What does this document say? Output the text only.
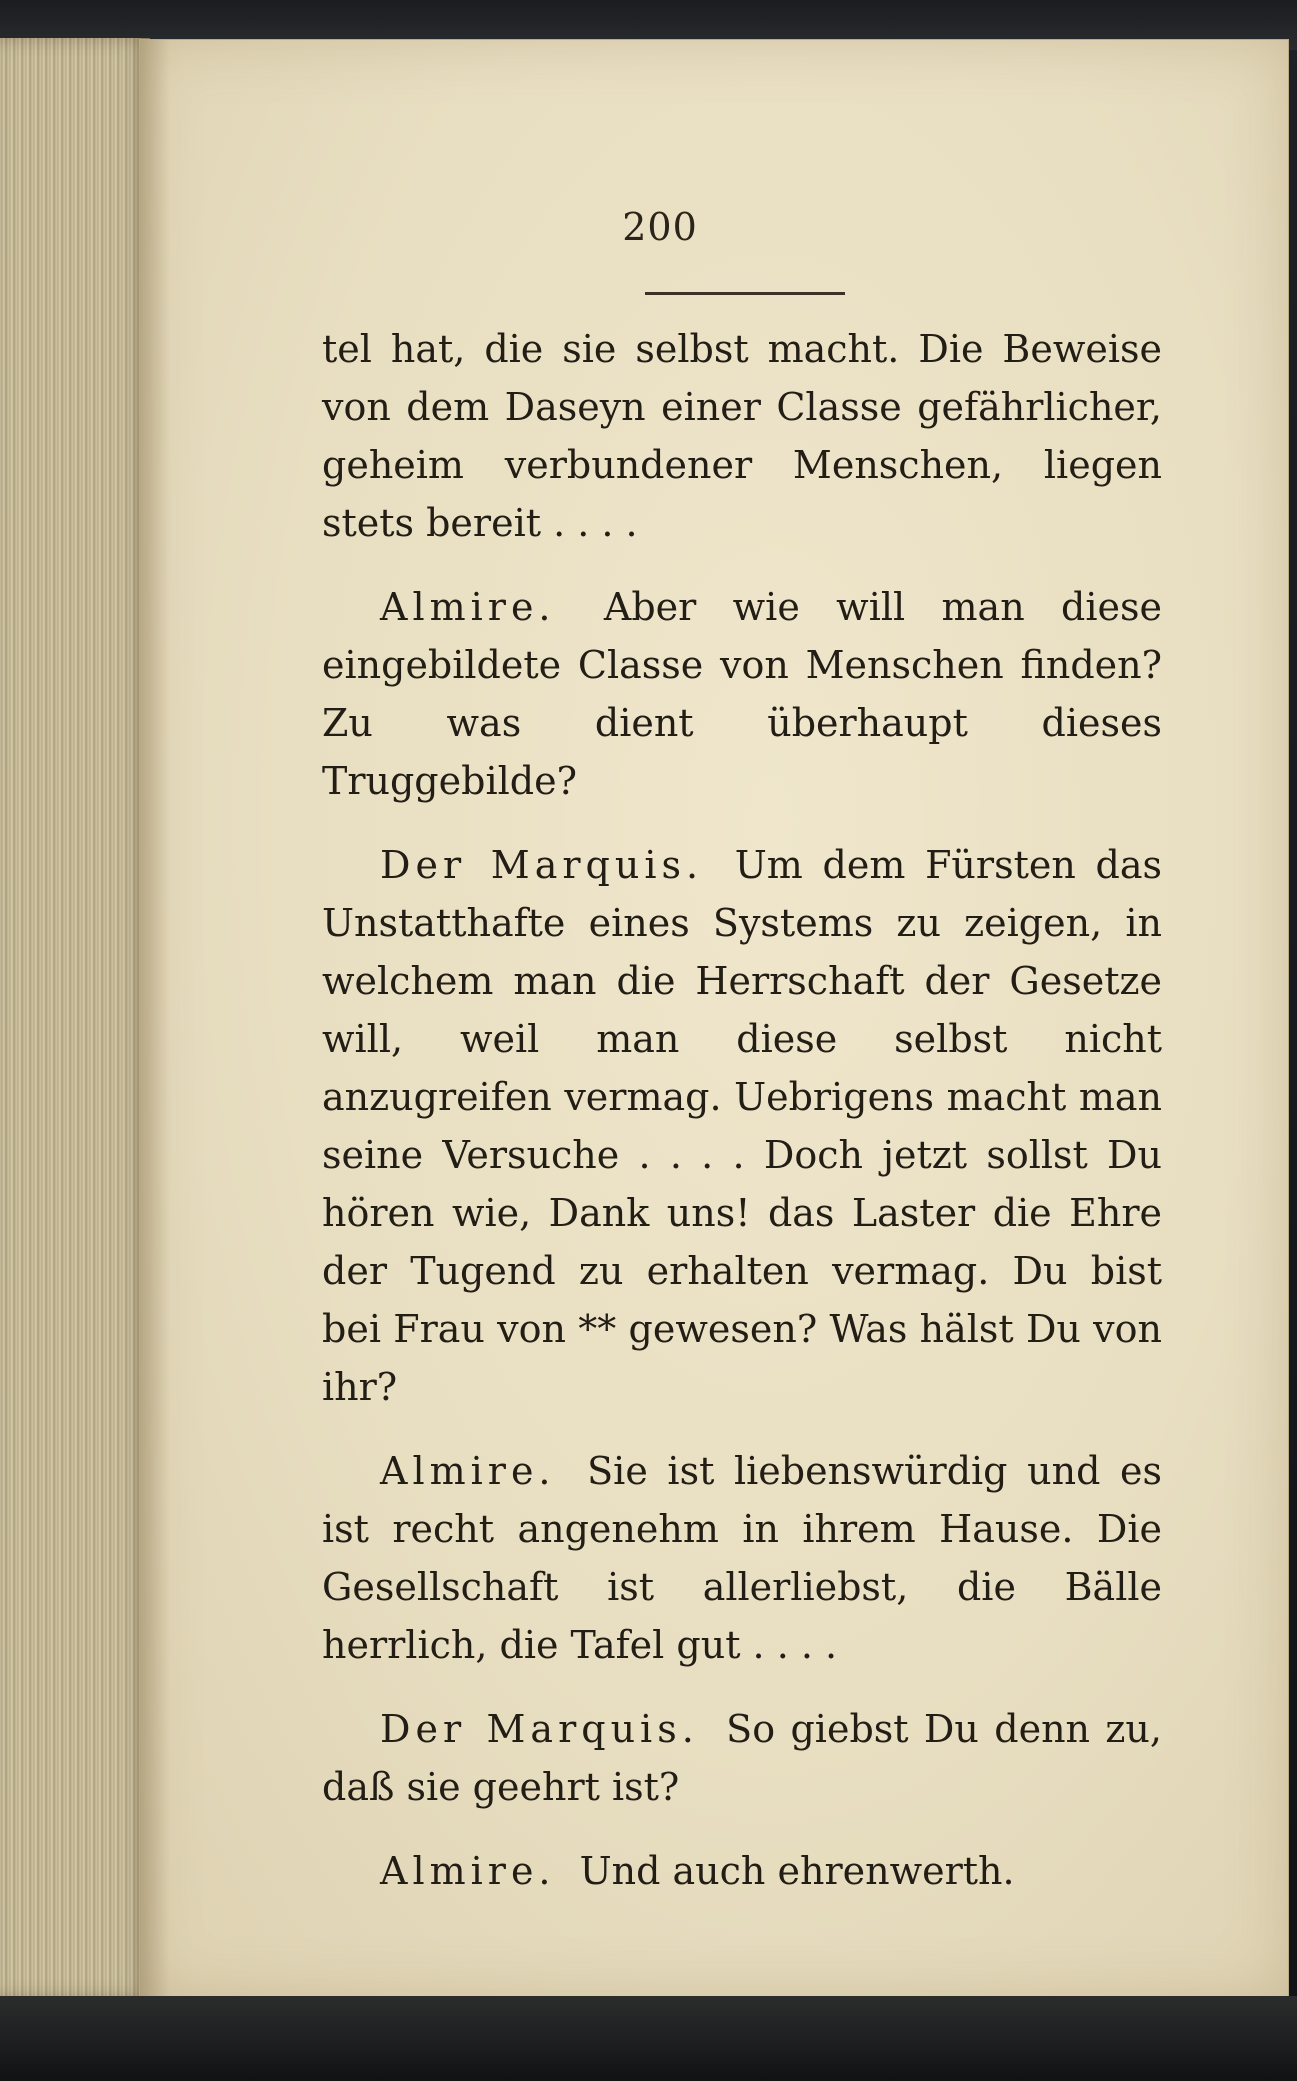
200

tel hat, die sie selbst macht. Die Beweise von dem Daseyn einer Classe gefährlicher, geheim verbundener Menschen, liegen stets bereit . . . .

Almire. Aber wie will man diese eingebildete Classe von Menschen finden? Zu was dient überhaupt dieses Truggebilde?

Der Marquis. Um dem Fürsten das Unstatthafte eines Systems zu zeigen, in welchem man die Herrschaft der Gesetze will, weil man diese selbst nicht anzugreifen vermag. Uebrigens macht man seine Versuche . . . . Doch jetzt sollst Du hören wie, Dank uns! das Laster die Ehre der Tugend zu erhalten vermag. Du bist bei Frau von ** gewesen? Was hälst Du von ihr?

Almire. Sie ist liebenswürdig und es ist recht angenehm in ihrem Hause. Die Gesellschaft ist allerliebst, die Bälle herrlich, die Tafel gut . . . .

Der Marquis. So giebst Du denn zu, daß sie geehrt ist?

Almire. Und auch ehrenwerth.
